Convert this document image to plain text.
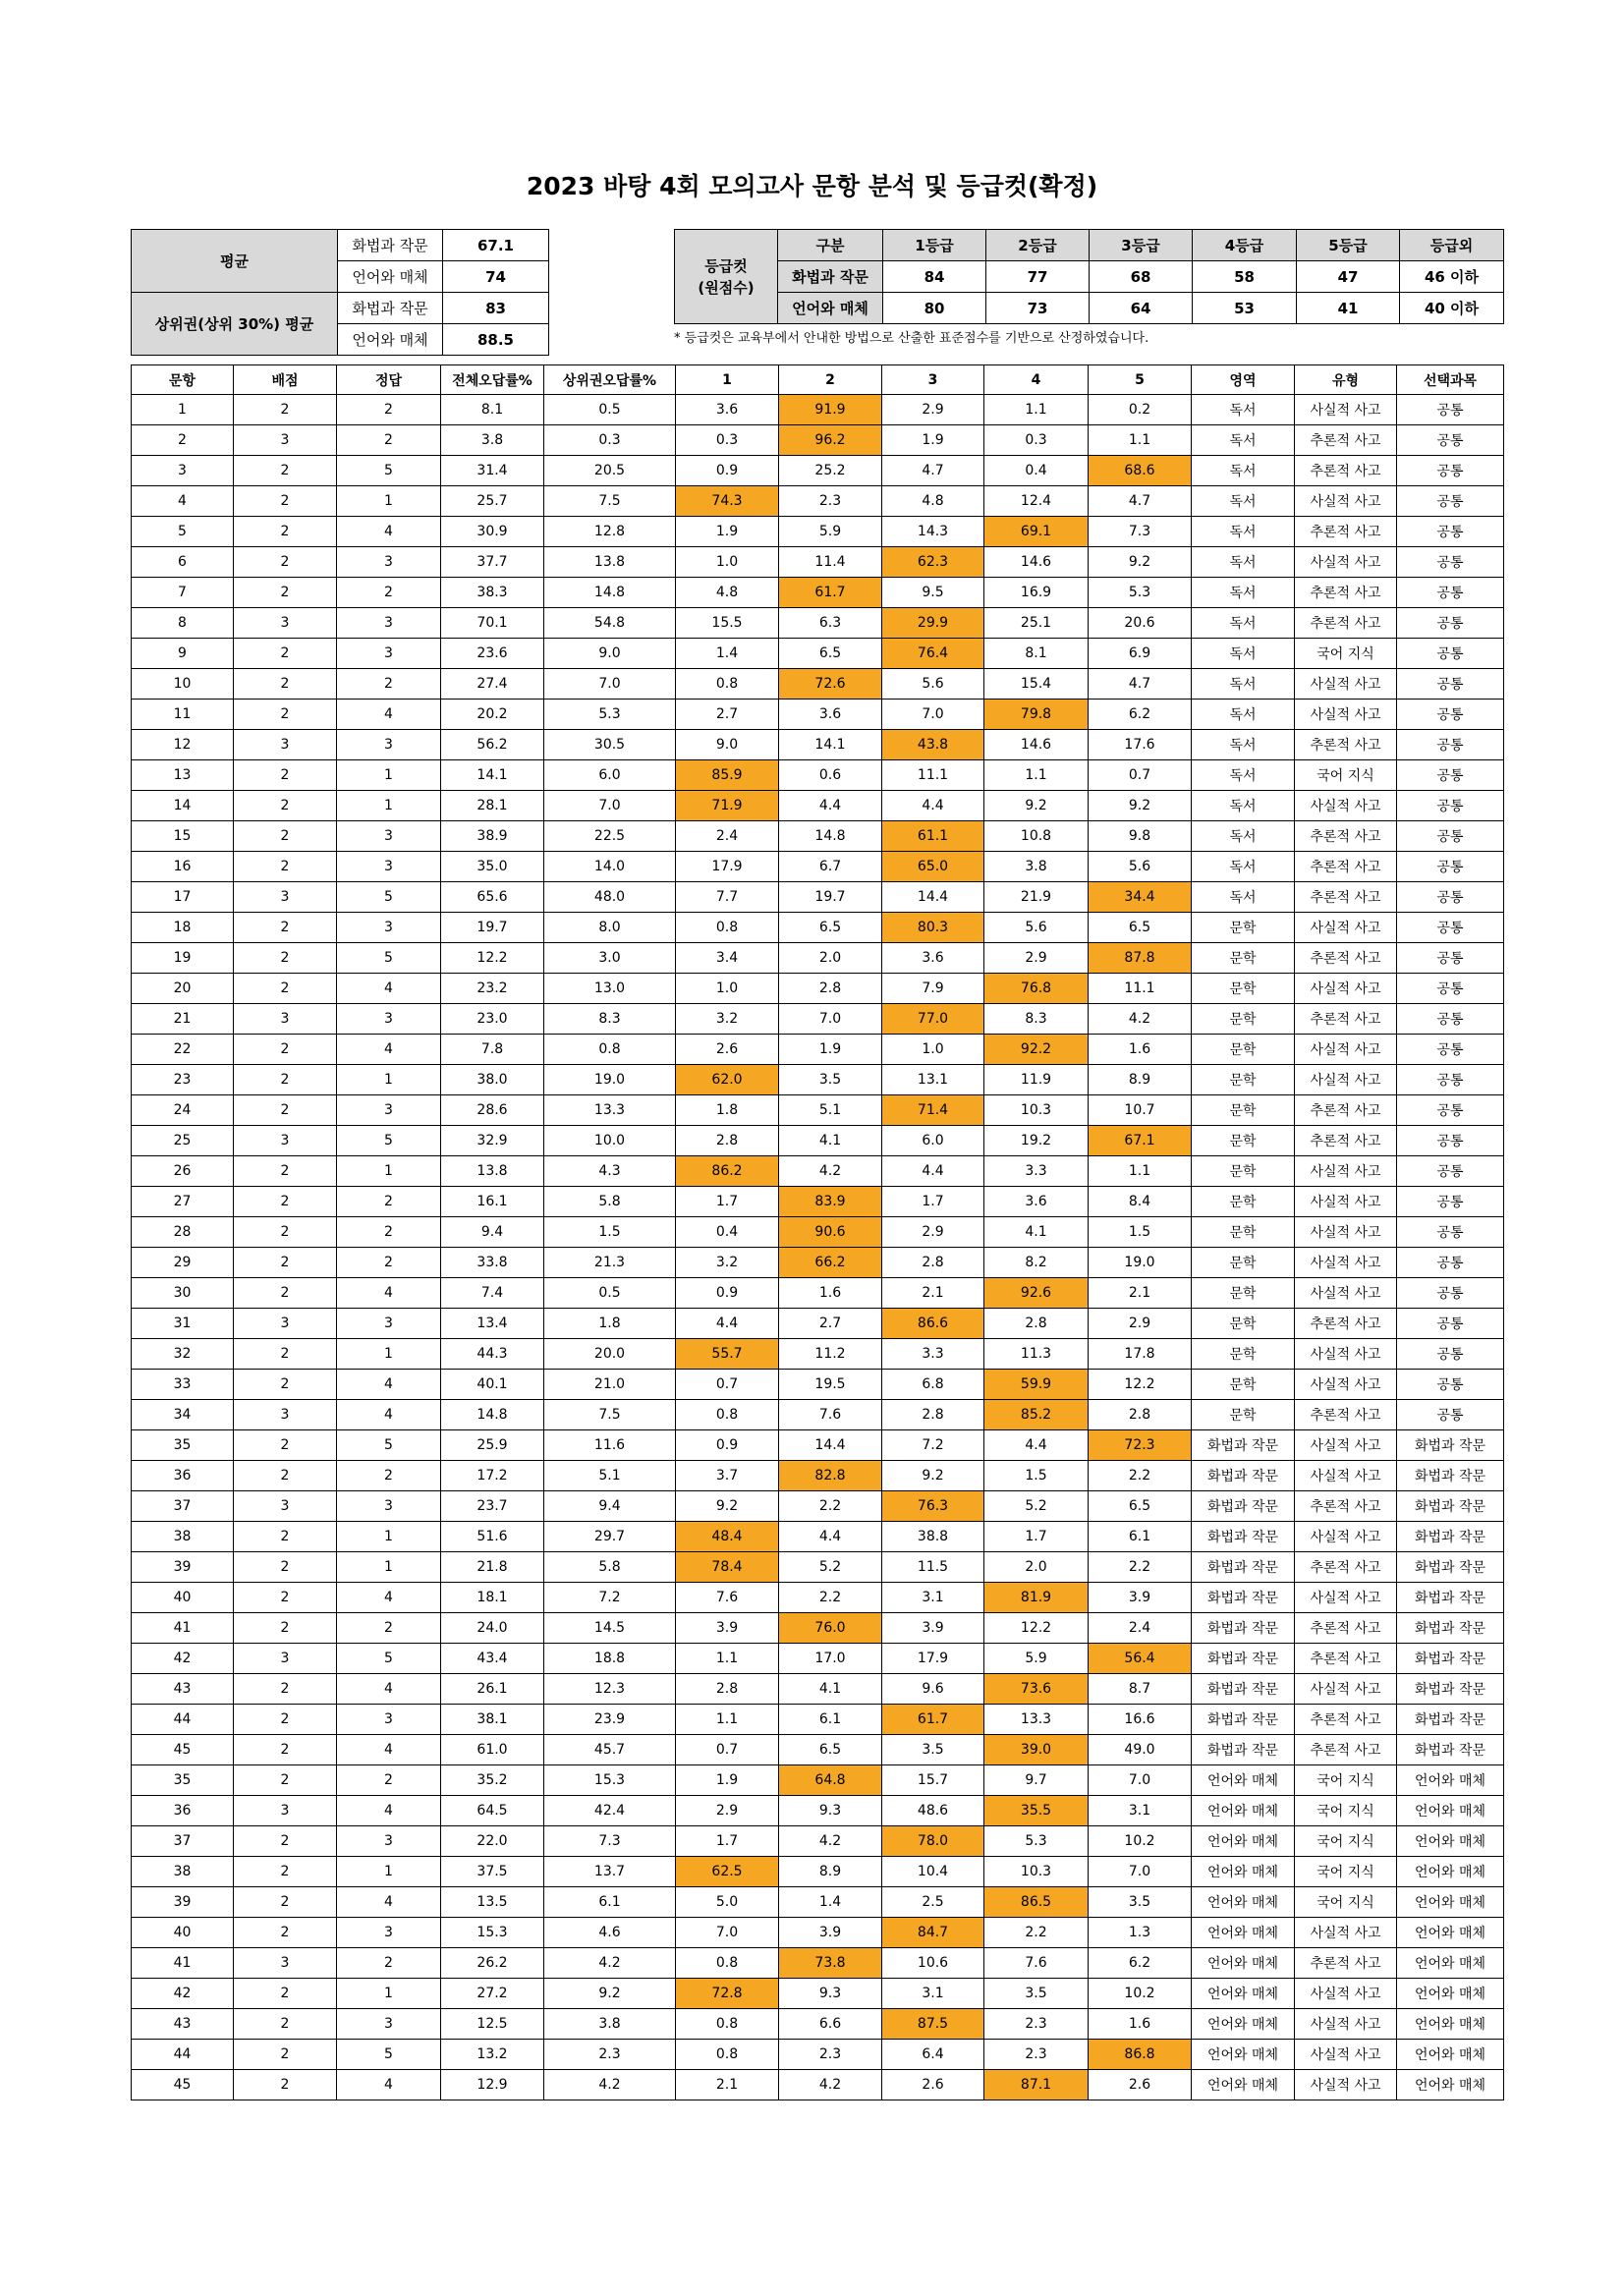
2023 바탕 4회 모의고사 문항 분석 및 등급컷(확정)
평균	화법과 작문	67.1
	언어와 매체	74
상위권(상위 30%) 평균	화법과 작문	83
	언어와 매체	88.5
등급컷
(원점수)	구분	1등급	2등급	3등급	4등급	5등급	등급외
	화법과 작문	84	77	68	58	47	46 이하
	언어와 매체	80	73	64	53	41	40 이하
* 등급컷은 교육부에서 안내한 방법으로 산출한 표준점수를 기반으로 산정하였습니다.
문항	배점	정답	전체오답률%	상위권오답률%	1	2	3	4	5	영역	유형	선택과목
1	2	2	8.1	0.5	3.6	91.9	2.9	1.1	0.2	독서	사실적 사고	공통
2	3	2	3.8	0.3	0.3	96.2	1.9	0.3	1.1	독서	추론적 사고	공통
3	2	5	31.4	20.5	0.9	25.2	4.7	0.4	68.6	독서	추론적 사고	공통
4	2	1	25.7	7.5	74.3	2.3	4.8	12.4	4.7	독서	사실적 사고	공통
5	2	4	30.9	12.8	1.9	5.9	14.3	69.1	7.3	독서	추론적 사고	공통
6	2	3	37.7	13.8	1.0	11.4	62.3	14.6	9.2	독서	사실적 사고	공통
7	2	2	38.3	14.8	4.8	61.7	9.5	16.9	5.3	독서	추론적 사고	공통
8	3	3	70.1	54.8	15.5	6.3	29.9	25.1	20.6	독서	추론적 사고	공통
9	2	3	23.6	9.0	1.4	6.5	76.4	8.1	6.9	독서	국어 지식	공통
10	2	2	27.4	7.0	0.8	72.6	5.6	15.4	4.7	독서	사실적 사고	공통
11	2	4	20.2	5.3	2.7	3.6	7.0	79.8	6.2	독서	사실적 사고	공통
12	3	3	56.2	30.5	9.0	14.1	43.8	14.6	17.6	독서	추론적 사고	공통
13	2	1	14.1	6.0	85.9	0.6	11.1	1.1	0.7	독서	국어 지식	공통
14	2	1	28.1	7.0	71.9	4.4	4.4	9.2	9.2	독서	사실적 사고	공통
15	2	3	38.9	22.5	2.4	14.8	61.1	10.8	9.8	독서	추론적 사고	공통
16	2	3	35.0	14.0	17.9	6.7	65.0	3.8	5.6	독서	추론적 사고	공통
17	3	5	65.6	48.0	7.7	19.7	14.4	21.9	34.4	독서	추론적 사고	공통
18	2	3	19.7	8.0	0.8	6.5	80.3	5.6	6.5	문학	사실적 사고	공통
19	2	5	12.2	3.0	3.4	2.0	3.6	2.9	87.8	문학	추론적 사고	공통
20	2	4	23.2	13.0	1.0	2.8	7.9	76.8	11.1	문학	사실적 사고	공통
21	3	3	23.0	8.3	3.2	7.0	77.0	8.3	4.2	문학	추론적 사고	공통
22	2	4	7.8	0.8	2.6	1.9	1.0	92.2	1.6	문학	사실적 사고	공통
23	2	1	38.0	19.0	62.0	3.5	13.1	11.9	8.9	문학	사실적 사고	공통
24	2	3	28.6	13.3	1.8	5.1	71.4	10.3	10.7	문학	추론적 사고	공통
25	3	5	32.9	10.0	2.8	4.1	6.0	19.2	67.1	문학	추론적 사고	공통
26	2	1	13.8	4.3	86.2	4.2	4.4	3.3	1.1	문학	사실적 사고	공통
27	2	2	16.1	5.8	1.7	83.9	1.7	3.6	8.4	문학	사실적 사고	공통
28	2	2	9.4	1.5	0.4	90.6	2.9	4.1	1.5	문학	사실적 사고	공통
29	2	2	33.8	21.3	3.2	66.2	2.8	8.2	19.0	문학	사실적 사고	공통
30	2	4	7.4	0.5	0.9	1.6	2.1	92.6	2.1	문학	사실적 사고	공통
31	3	3	13.4	1.8	4.4	2.7	86.6	2.8	2.9	문학	추론적 사고	공통
32	2	1	44.3	20.0	55.7	11.2	3.3	11.3	17.8	문학	사실적 사고	공통
33	2	4	40.1	21.0	0.7	19.5	6.8	59.9	12.2	문학	사실적 사고	공통
34	3	4	14.8	7.5	0.8	7.6	2.8	85.2	2.8	문학	추론적 사고	공통
35	2	5	25.9	11.6	0.9	14.4	7.2	4.4	72.3	화법과 작문	사실적 사고	화법과 작문
36	2	2	17.2	5.1	3.7	82.8	9.2	1.5	2.2	화법과 작문	사실적 사고	화법과 작문
37	3	3	23.7	9.4	9.2	2.2	76.3	5.2	6.5	화법과 작문	추론적 사고	화법과 작문
38	2	1	51.6	29.7	48.4	4.4	38.8	1.7	6.1	화법과 작문	사실적 사고	화법과 작문
39	2	1	21.8	5.8	78.4	5.2	11.5	2.0	2.2	화법과 작문	추론적 사고	화법과 작문
40	2	4	18.1	7.2	7.6	2.2	3.1	81.9	3.9	화법과 작문	사실적 사고	화법과 작문
41	2	2	24.0	14.5	3.9	76.0	3.9	12.2	2.4	화법과 작문	추론적 사고	화법과 작문
42	3	5	43.4	18.8	1.1	17.0	17.9	5.9	56.4	화법과 작문	추론적 사고	화법과 작문
43	2	4	26.1	12.3	2.8	4.1	9.6	73.6	8.7	화법과 작문	사실적 사고	화법과 작문
44	2	3	38.1	23.9	1.1	6.1	61.7	13.3	16.6	화법과 작문	추론적 사고	화법과 작문
45	2	4	61.0	45.7	0.7	6.5	3.5	39.0	49.0	화법과 작문	추론적 사고	화법과 작문
35	2	2	35.2	15.3	1.9	64.8	15.7	9.7	7.0	언어와 매체	국어 지식	언어와 매체
36	3	4	64.5	42.4	2.9	9.3	48.6	35.5	3.1	언어와 매체	국어 지식	언어와 매체
37	2	3	22.0	7.3	1.7	4.2	78.0	5.3	10.2	언어와 매체	국어 지식	언어와 매체
38	2	1	37.5	13.7	62.5	8.9	10.4	10.3	7.0	언어와 매체	국어 지식	언어와 매체
39	2	4	13.5	6.1	5.0	1.4	2.5	86.5	3.5	언어와 매체	국어 지식	언어와 매체
40	2	3	15.3	4.6	7.0	3.9	84.7	2.2	1.3	언어와 매체	사실적 사고	언어와 매체
41	3	2	26.2	4.2	0.8	73.8	10.6	7.6	6.2	언어와 매체	추론적 사고	언어와 매체
42	2	1	27.2	9.2	72.8	9.3	3.1	3.5	10.2	언어와 매체	사실적 사고	언어와 매체
43	2	3	12.5	3.8	0.8	6.6	87.5	2.3	1.6	언어와 매체	사실적 사고	언어와 매체
44	2	5	13.2	2.3	0.8	2.3	6.4	2.3	86.8	언어와 매체	사실적 사고	언어와 매체
45	2	4	12.9	4.2	2.1	4.2	2.6	87.1	2.6	언어와 매체	사실적 사고	언어와 매체
